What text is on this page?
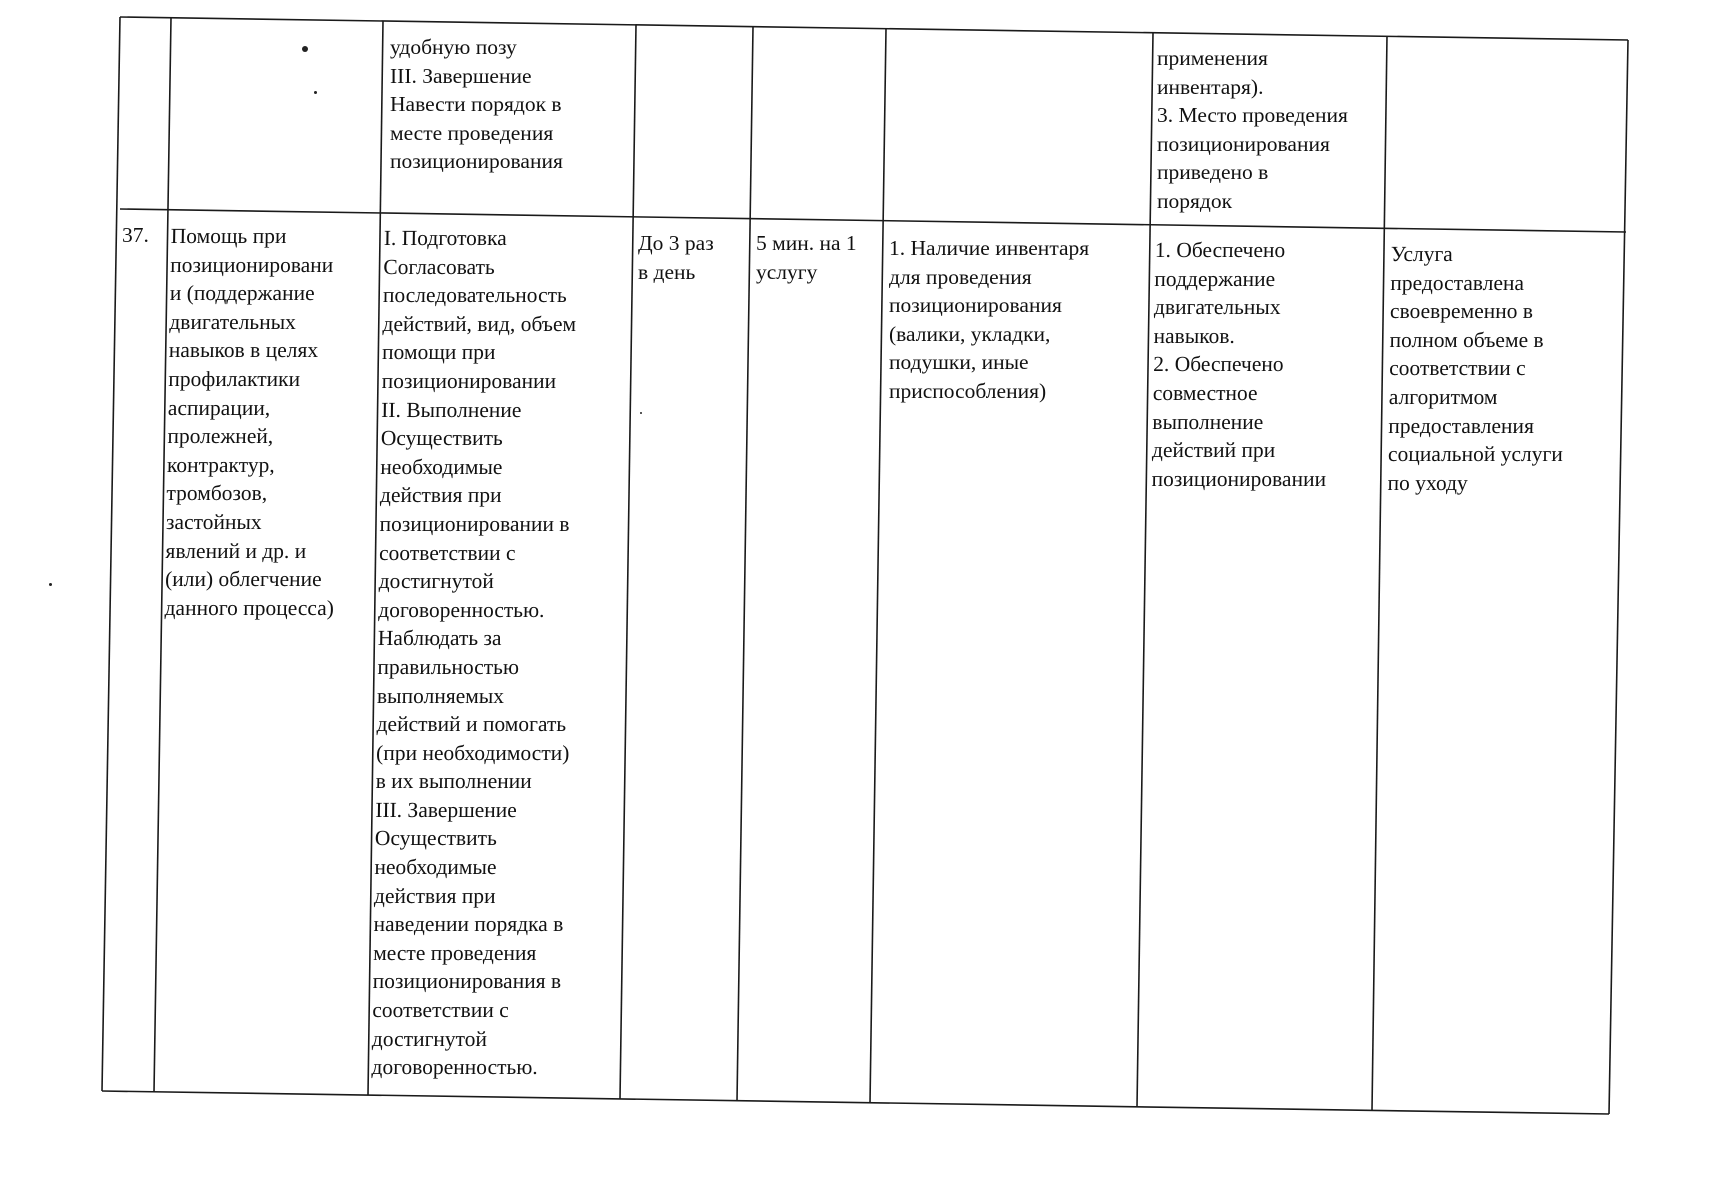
удобную позу
III. Завершение
Навести порядок в
месте проведения
позиционирования
применения
инвентаря).
3. Место проведения
позиционирования
приведено в
порядок
37.	Помощь при
позиционировани
и (поддержание
двигательных
навыков в целях
профилактики
аспирации,
пролежней,
контрактур,
тромбозов,
застойных
явлений и др. и
(или) облегчение
данного процесса)
I. Подготовка
Согласовать
последовательность
действий, вид, объем
помощи при
позиционировании
II. Выполнение
Осуществить
необходимые
действия при
позиционировании в
соответствии с
достигнутой
договоренностью.
Наблюдать за
правильностью
выполняемых
действий и помогать
(при необходимости)
в их выполнении
III. Завершение
Осуществить
необходимые
действия при
наведении порядка в
месте проведения
позиционирования в
соответствии с
достигнутой
договоренностью.
До 3 раз
в день
5 мин. на 1
услугу
1. Наличие инвентаря
для проведения
позиционирования
(валики, укладки,
подушки, иные
приспособления)
1. Обеспечено
поддержание
двигательных
навыков.
2. Обеспечено
совместное
выполнение
действий при
позиционировании
Услуга
предоставлена
своевременно в
полном объеме в
соответствии с
алгоритмом
предоставления
социальной услуги
по уходу
